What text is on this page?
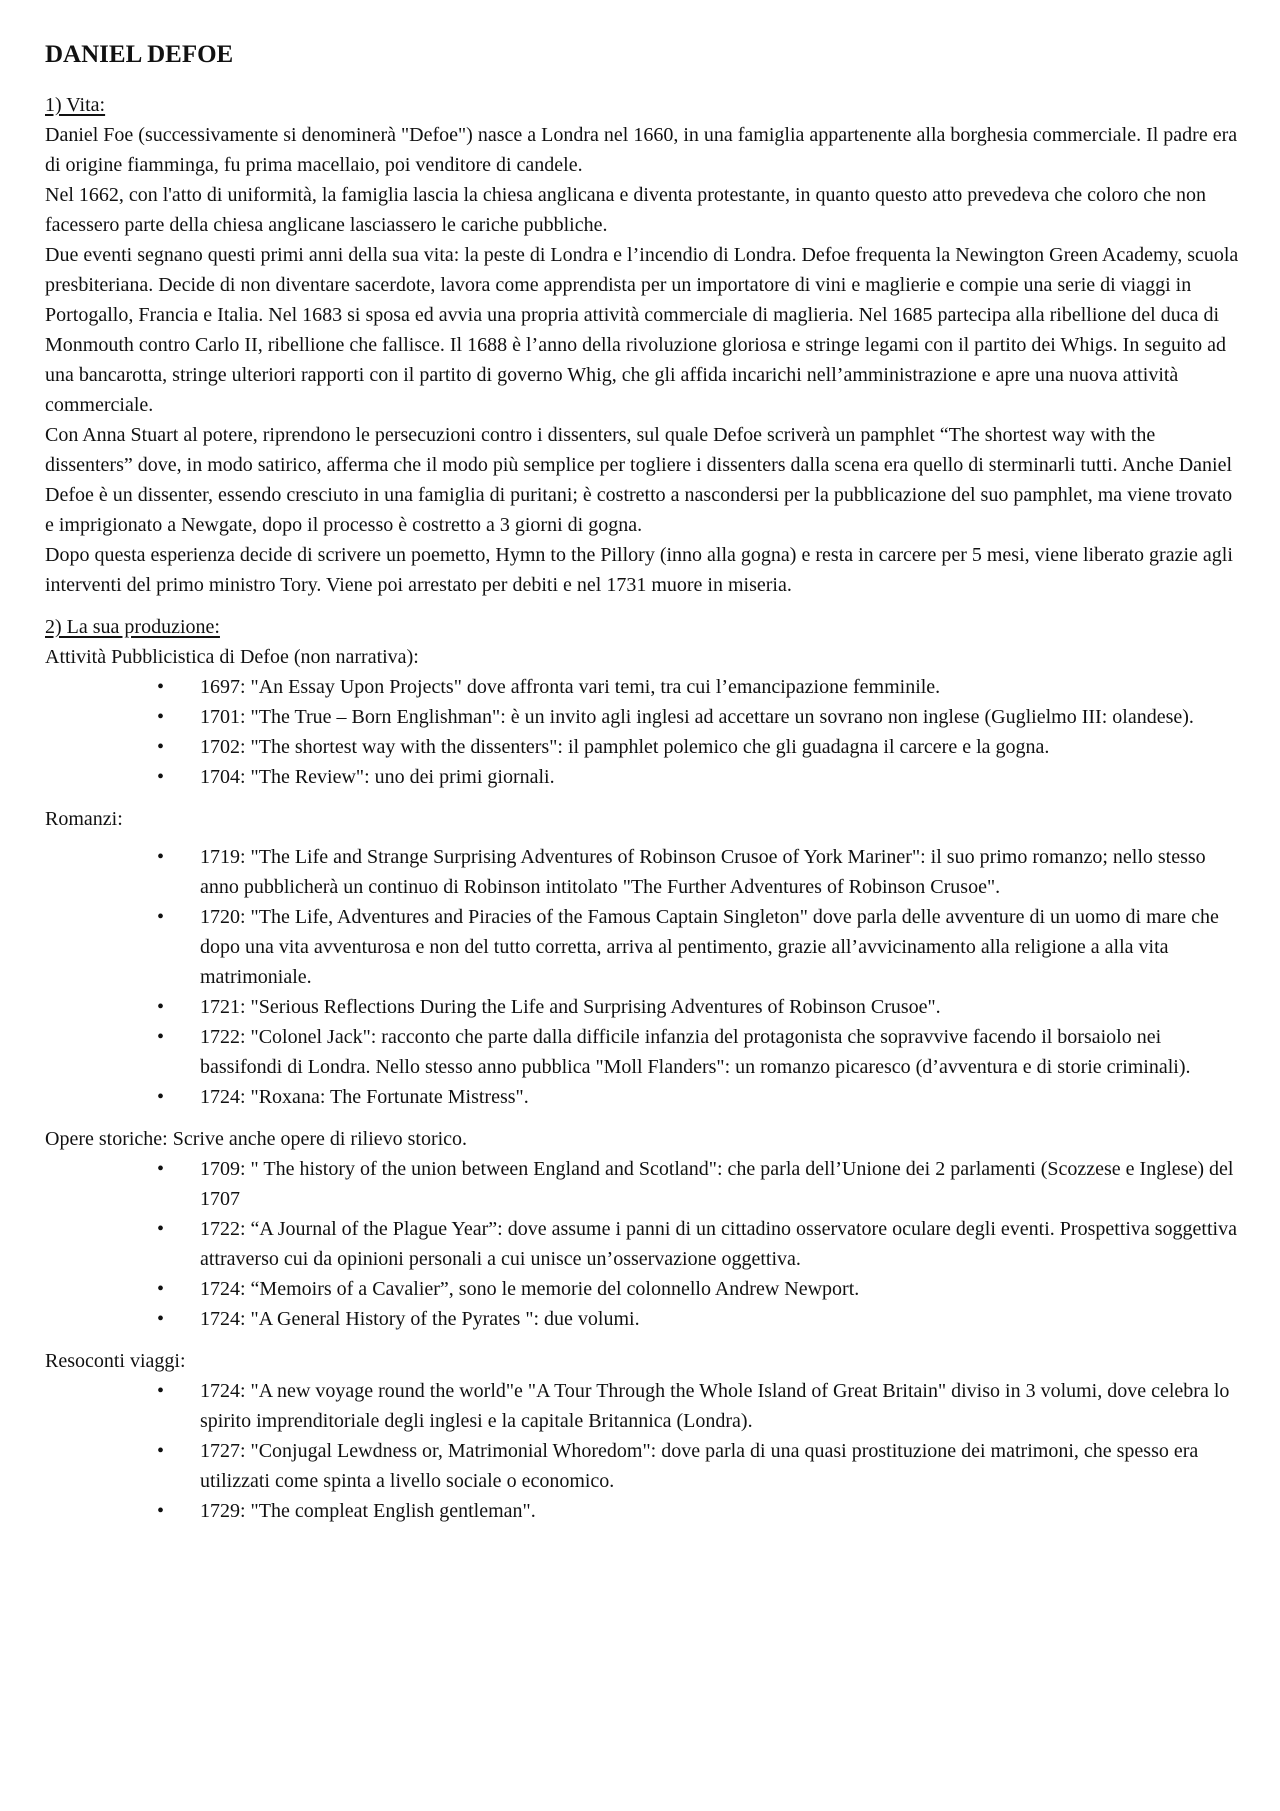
DANIEL DEFOE
1) Vita:
Daniel Foe (successivamente si denominerà "Defoe") nasce a Londra nel 1660, in una famiglia appartenente alla borghesia commerciale. Il padre era di origine fiamminga, fu prima macellaio, poi venditore di candele.
Nel 1662, con l'atto di uniformità, la famiglia lascia la chiesa anglicana e diventa protestante, in quanto questo atto prevedeva che coloro che non facessero parte della chiesa anglicane lasciassero le cariche pubbliche.
Due eventi segnano questi primi anni della sua vita: la peste di Londra e l’incendio di Londra. Defoe frequenta la Newington Green Academy, scuola presbiteriana. Decide di non diventare sacerdote, lavora come apprendista per un importatore di vini e maglierie e compie una serie di viaggi in Portogallo, Francia e Italia. Nel 1683 si sposa ed avvia una propria attività commerciale di maglieria. Nel 1685 partecipa alla ribellione del duca di Monmouth contro Carlo II, ribellione che fallisce. Il 1688 è l’anno della rivoluzione gloriosa e stringe legami con il partito dei Whigs. In seguito ad una bancarotta, stringe ulteriori rapporti con il partito di governo Whig, che gli affida incarichi nell’amministrazione e apre una nuova attività commerciale.
Con Anna Stuart al potere, riprendono le persecuzioni contro i dissenters, sul quale Defoe scriverà un pamphlet “The shortest way with the dissenters” dove, in modo satirico, afferma che il modo più semplice per togliere i dissenters dalla scena era quello di sterminarli tutti. Anche Daniel Defoe è un dissenter, essendo cresciuto in una famiglia di puritani; è costretto a nascondersi per la pubblicazione del suo pamphlet, ma viene trovato e imprigionato a Newgate, dopo il processo è costretto a 3 giorni di gogna.
Dopo questa esperienza decide di scrivere un poemetto, Hymn to the Pillory (inno alla gogna) e resta in carcere per 5 mesi, viene liberato grazie agli interventi del primo ministro Tory. Viene poi arrestato per debiti e nel 1731 muore in miseria.
2) La sua produzione:
Attività Pubblicistica di Defoe (non narrativa):
• 1697: "An Essay Upon Projects" dove affronta vari temi, tra cui l’emancipazione femminile.
• 1701: "The True – Born Englishman": è un invito agli inglesi ad accettare un sovrano non inglese (Guglielmo III: olandese).
• 1702: "The shortest way with the dissenters": il pamphlet polemico che gli guadagna il carcere e la gogna.
• 1704: "The Review": uno dei primi giornali.
Romanzi:
• 1719: "The Life and Strange Surprising Adventures of Robinson Crusoe of York Mariner": il suo primo romanzo; nello stesso anno pubblicherà un continuo di Robinson intitolato "The Further Adventures of Robinson Crusoe".
• 1720: "The Life, Adventures and Piracies of the Famous Captain Singleton" dove parla delle avventure di un uomo di mare che dopo una vita avventurosa e non del tutto corretta, arriva al pentimento, grazie all’avvicinamento alla religione a alla vita matrimoniale.
• 1721: "Serious Reflections During the Life and Surprising Adventures of Robinson Crusoe".
• 1722: "Colonel Jack": racconto che parte dalla difficile infanzia del protagonista che sopravvive facendo il borsaiolo nei bassifondi di Londra. Nello stesso anno pubblica "Moll Flanders": un romanzo picaresco (d’avventura e di storie criminali).
• 1724: "Roxana: The Fortunate Mistress".
Opere storiche: Scrive anche opere di rilievo storico.
• 1709: " The history of the union between England and Scotland": che parla dell’Unione dei 2 parlamenti (Scozzese e Inglese) del 1707
• 1722: “A Journal of the Plague Year”: dove assume i panni di un cittadino osservatore oculare degli eventi. Prospettiva soggettiva attraverso cui da opinioni personali a cui unisce un’osservazione oggettiva.
• 1724: “Memoirs of a Cavalier”, sono le memorie del colonnello Andrew Newport.
• 1724: "A General History of the Pyrates ": due volumi.
Resoconti viaggi:
• 1724: "A new voyage round the world"e "A Tour Through the Whole Island of Great Britain" diviso in 3 volumi, dove celebra lo spirito imprenditoriale degli inglesi e la capitale Britannica (Londra).
• 1727: "Conjugal Lewdness or, Matrimonial Whoredom": dove parla di una quasi prostituzione dei matrimoni, che spesso era utilizzati come spinta a livello sociale o economico.
• 1729: "The compleat English gentleman".
